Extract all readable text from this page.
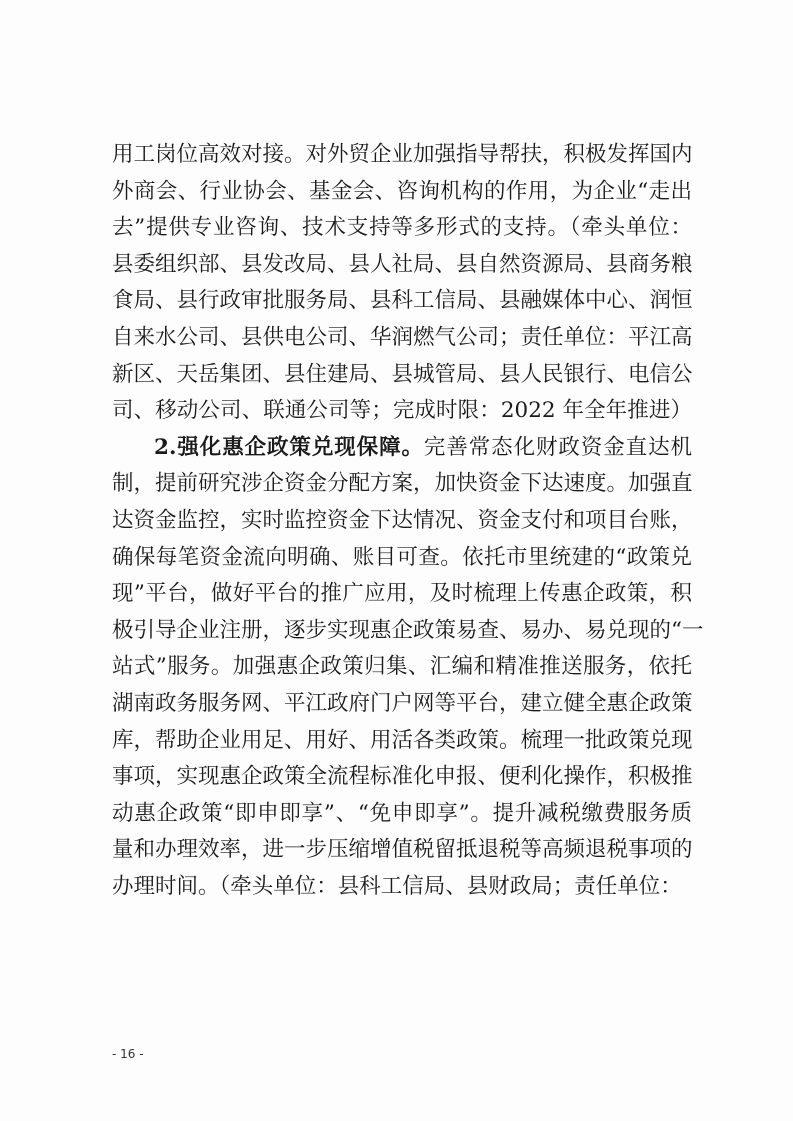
用工岗位高效对接。对外贸企业加强指导帮扶，积极发挥国内
外商会、行业协会、基金会、咨询机构的作用，为企业“走出
去”提供专业咨询、技术支持等多形式的支持。（牵头单位：
县委组织部、县发改局、县人社局、县自然资源局、县商务粮
食局、县行政审批服务局、县科工信局、县融媒体中心、润恒
自来水公司、县供电公司、华润燃气公司；责任单位：平江高
新区、天岳集团、县住建局、县城管局、县人民银行、电信公
司、移动公司、联通公司等；完成时限：2022 年全年推进）
2.强化惠企政策兑现保障。完善常态化财政资金直达机
制，提前研究涉企资金分配方案，加快资金下达速度。加强直
达资金监控，实时监控资金下达情况、资金支付和项目台账，
确保每笔资金流向明确、账目可查。依托市里统建的“政策兑
现”平台，做好平台的推广应用，及时梳理上传惠企政策，积
极引导企业注册，逐步实现惠企政策易查、易办、易兑现的“一
站式”服务。加强惠企政策归集、汇编和精准推送服务，依托
湖南政务服务网、平江政府门户网等平台，建立健全惠企政策
库，帮助企业用足、用好、用活各类政策。梳理一批政策兑现
事项，实现惠企政策全流程标准化申报、便利化操作，积极推
动惠企政策“即申即享”、“免申即享”。提升减税缴费服务质
量和办理效率，进一步压缩增值税留抵退税等高频退税事项的
办理时间。（牵头单位：县科工信局、县财政局；责任单位：
- 16 -
